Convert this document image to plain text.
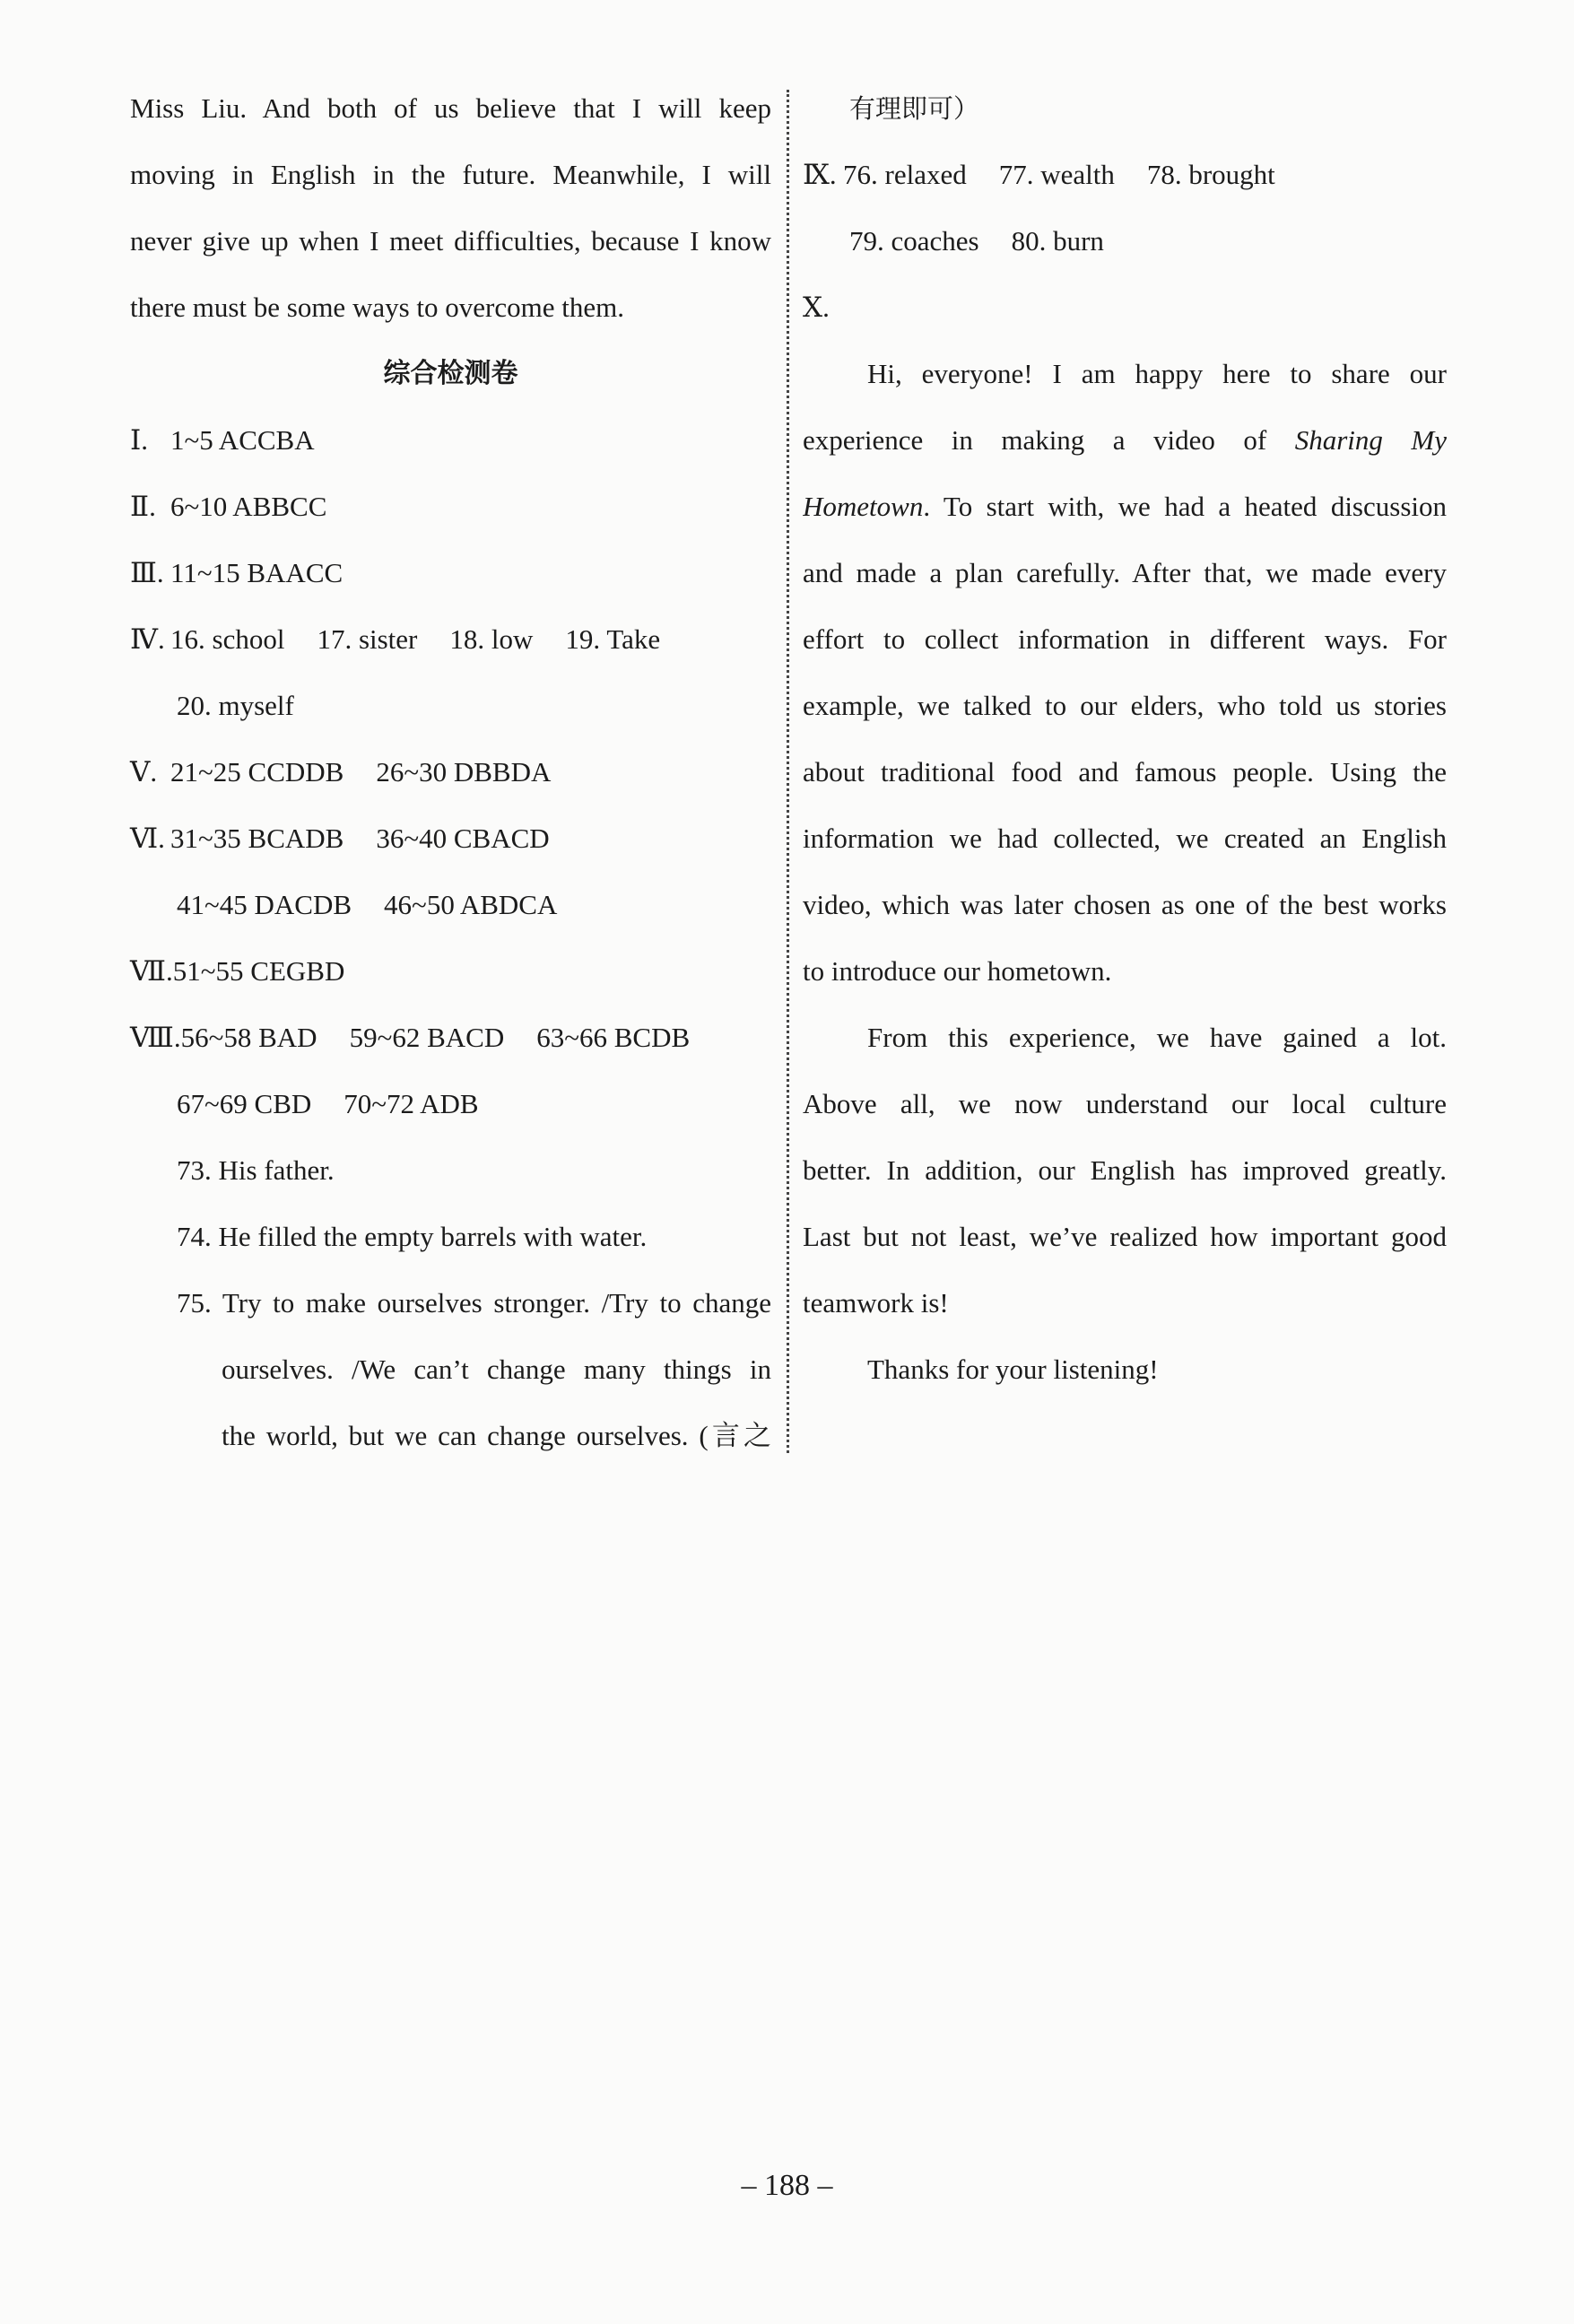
Miss Liu. And both of us believe that I will keep
moving in English in the future. Meanwhile, I will
never give up when I meet difficulties, because I know
there must be some ways to overcome them.
综合检测卷
Ⅰ. 1~5 ACCBA
Ⅱ. 6~10 ABBCC
Ⅲ. 11~15 BAACC
Ⅳ. 16. school 17. sister 18. low 19. Take
20. myself
Ⅴ. 21~25 CCDDB 26~30 DBBDA
Ⅵ. 31~35 BCADB 36~40 CBACD
41~45 DACDB 46~50 ABDCA
Ⅶ.51~55 CEGBD
Ⅷ.56~58 BAD 59~62 BACD 63~66 BCDB
67~69 CBD 70~72 ADB
73. His father.
74. He filled the empty barrels with water.
75. Try to make ourselves stronger. /Try to change
ourselves. /We can’t change many things in
the world, but we can change ourselves. (言之
有理即可）
Ⅸ. 76. relaxed 77. wealth 78. brought
79. coaches 80. burn
Ⅹ.
Hi, everyone! I am happy here to share our
experience in making a video of Sharing My
Hometown. To start with, we had a heated discussion
and made a plan carefully. After that, we made every
effort to collect information in different ways. For
example, we talked to our elders, who told us stories
about traditional food and famous people. Using the
information we had collected, we created an English
video, which was later chosen as one of the best works
to introduce our hometown.
From this experience, we have gained a lot.
Above all, we now understand our local culture
better. In addition, our English has improved greatly.
Last but not least, we’ve realized how important good
teamwork is!
Thanks for your listening!
– 188 –
